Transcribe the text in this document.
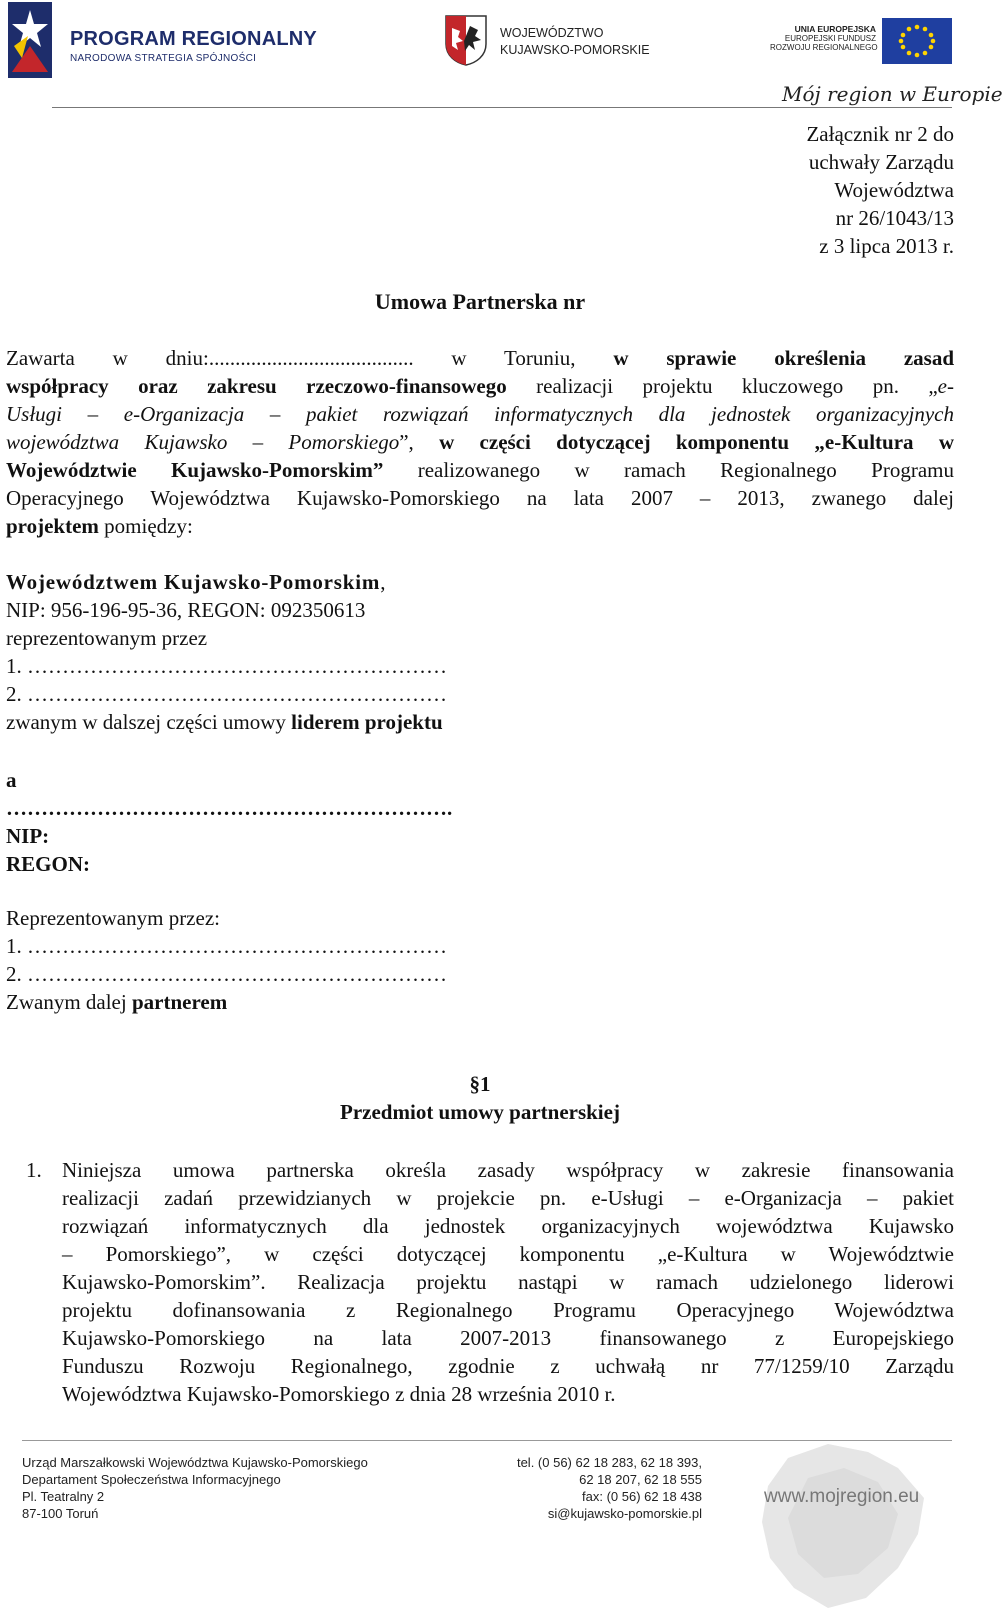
PROGRAM REGIONALNY
NARODOWA STRATEGIA SPÓJNOŚCI
WOJEWÓDZTWO
KUJAWSKO-POMORSKIE
UNIA EUROPEJSKA
EUROPEJSKI FUNDUSZ
ROZWOJU REGIONALNEGO
Mój region w Europie
Załącznik nr 2 do
uchwały Zarządu
Województwa
nr 26/1043/13
z 3 lipca 2013 r.
Umowa Partnerska nr
Zawarta w dniu:....................................... w Toruniu, w sprawie określenia zasad
współpracy oraz zakresu rzeczowo-finansowego realizacji projektu kluczowego pn. „e-
Usługi – e-Organizacja – pakiet rozwiązań informatycznych dla jednostek organizacyjnych
województwa Kujawsko – Pomorskiego”, w części dotyczącej komponentu „e-Kultura w
Województwie Kujawsko-Pomorskim” realizowanego w ramach Regionalnego Programu
Operacyjnego Województwa Kujawsko-Pomorskiego na lata 2007 – 2013, zwanego dalej
projektem pomiędzy:
Województwem Kujawsko-Pomorskim,
NIP: 956-196-95-36, REGON: 092350613
reprezentowanym przez
1. ……………………………………………………
2. ……………………………………………………
zwanym w dalszej części umowy liderem projektu
a
……………………………………………………….
NIP:
REGON:
Reprezentowanym przez:
1. ……………………………………………………
2. ……………………………………………………
Zwanym dalej partnerem
§1
Przedmiot umowy partnerskiej
1. Niniejsza umowa partnerska określa zasady współpracy w zakresie finansowania
realizacji zadań przewidzianych w projekcie pn. e-Usługi – e-Organizacja – pakiet
rozwiązań informatycznych dla jednostek organizacyjnych województwa Kujawsko
– Pomorskiego”, w części dotyczącej komponentu „e-Kultura w Województwie
Kujawsko-Pomorskim”. Realizacja projektu nastąpi w ramach udzielonego liderowi
projektu dofinansowania z Regionalnego Programu Operacyjnego Województwa
Kujawsko-Pomorskiego na lata 2007-2013 finansowanego z Europejskiego
Funduszu Rozwoju Regionalnego, zgodnie z uchwałą nr 77/1259/10 Zarządu
Województwa Kujawsko-Pomorskiego z dnia 28 września 2010 r.
Urząd Marszałkowski Województwa Kujawsko-Pomorskiego
Departament Społeczeństwa Informacyjnego
Pl. Teatralny 2
87-100 Toruń
tel. (0 56) 62 18 283, 62 18 393,
62 18 207, 62 18 555
fax: (0 56) 62 18 438
si@kujawsko-pomorskie.pl
www.mojregion.eu
